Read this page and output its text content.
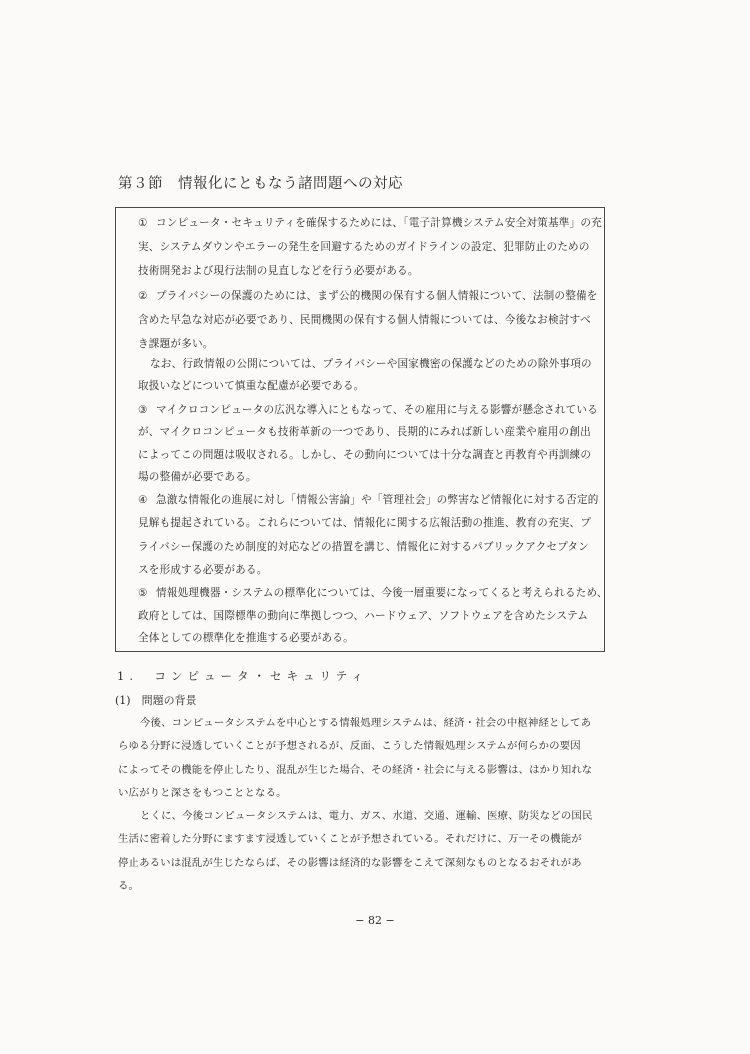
第３節　情報化にともなう諸問題への対応
① コンピュータ・セキュリティを確保するためには、「電子計算機システム安全対策基準」の充
実、システムダウンやエラーの発生を回避するためのガイドラインの設定、犯罪防止のための
技術開発および現行法制の見直しなどを行う必要がある。
② プライバシーの保護のためには、まず公的機関の保有する個人情報について、法制の整備を
含めた早急な対応が必要であり、民間機関の保有する個人情報については、今後なお検討すべ
き課題が多い。
なお、行政情報の公開については、プライバシーや国家機密の保護などのための除外事項の
取扱いなどについて慎重な配慮が必要である。
③ マイクロコンピュータの広汎な導入にともなって、その雇用に与える影響が懸念されている
が、マイクロコンピュータも技術革新の一つであり、長期的にみれば新しい産業や雇用の創出
によってこの問題は吸収される。しかし、その動向については十分な調査と再教育や再訓練の
場の整備が必要である。
④ 急激な情報化の進展に対し「情報公害論」や「管理社会」の弊害など情報化に対する否定的
見解も提起されている。これらについては、情報化に関する広報活動の推進、教育の充実、プ
ライバシー保護のため制度的対応などの措置を講じ、情報化に対するパブリックアクセプタン
スを形成する必要がある。
⑤ 情報処理機器・システムの標準化については、今後一層重要になってくると考えられるため、
政府としては、国際標準の動向に準拠しつつ、ハードウェア、ソフトウェアを含めたシステム
全体としての標準化を推進する必要がある。
1.　コンピュータ・セキュリティ
(1)　問題の背景
今後、コンピュータシステムを中心とする情報処理システムは、経済・社会の中枢神経としてあ
らゆる分野に浸透していくことが予想されるが、反面、こうした情報処理システムが何らかの要因
によってその機能を停止したり、混乱が生じた場合、その経済・社会に与える影響は、はかり知れな
い広がりと深さをもつこととなる。
とくに、今後コンピュータシステムは、電力、ガス、水道、交通、運輸、医療、防災などの国民
生活に密着した分野にますます浸透していくことが予想されている。それだけに、万一その機能が
停止あるいは混乱が生じたならば、その影響は経済的な影響をこえて深刻なものとなるおそれがあ
る。
− 82 −
